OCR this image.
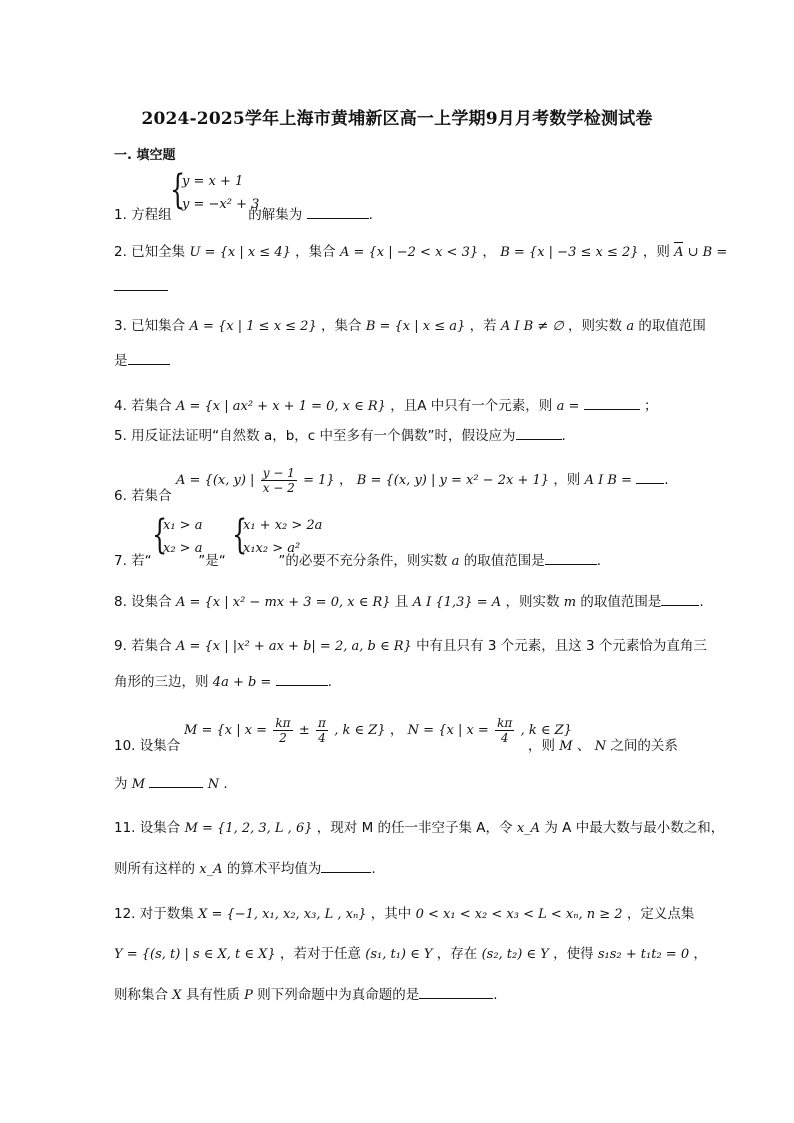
2024-2025学年上海市黄埔新区高一上学期9月月考数学检测试卷
一. 填空题
{
y = x + 1
y = −x² + 3
1. 方程组	的解集为	.
2. 已知全集 U = {x | x ≤ 4} ，集合 A = {x | −2 < x < 3} ， B = {x | −3 ≤ x ≤ 2} ，则 A ∪ B =
3. 已知集合 A = {x | 1 ≤ x ≤ 2} ，集合 B = {x | x ≤ a} ，若 A I B ≠ ∅ ，则实数 a 的取值范围
是
4. 若集合 A = {x | ax² + x + 1 = 0, x ∈ R} ，且A 中只有一个元素，则 a =	；
5. 用反证法证明“自然数 a，b，c 中至多有一个偶数”时，假设应为	.
6. 若集合
A = {(x, y) | $\frac{y - 1}{x - 2} = 1$} ， B = {(x, y) | y = x² − 2x + 1} ，则 A I B = .
{
x₁ > a
x₂ > a {
x₁ + x₂ > 2a
x₁x₂ > a²
7. 若“	”是“	”的必要不充分条件，则实数 a 的取值范围是	.
8. 设集合 A = {x | x² − mx + 3 = 0, x ∈ R} 且 A I {1,3} = A ，则实数 m 的取值范围是	.
9. 若集合 A = {x | |x² + ax + b| = 2, a, b ∈ R} 中有且只有 3 个元素，且这 3 个元素恰为直角三
角形的三边，则 4a + b =	.
M = {x | $x = \frac{k\pi}{2} \pm \frac{\pi}{4}$ , k ∈ Z} ， N = {x | $x = \frac{k\pi}{4}$ , k ∈ Z}
10. 设集合	，则 M 、 N 之间的关系
为 M	N .
11. 设集合 M = {1, 2, 3, L , 6} ，现对 M 的任一非空子集 A，令 x_A 为 A 中最大数与最小数之和，
则所有这样的 x_A 的算术平均值为	.
12. 对于数集 X = {−1, x₁, x₂, x₃, L , xₙ} ，其中 0 < x₁ < x₂ < x₃ < L < xₙ, n ≥ 2 ，定义点集
Y = {(s, t) | s ∈ X, t ∈ X} ，若对于任意 (s₁, t₁) ∈ Y ，存在 (s₂, t₂) ∈ Y ，使得 s₁s₂ + t₁t₂ = 0 ，
则称集合 X 具有性质 P 则下列命题中为真命题的是	.
